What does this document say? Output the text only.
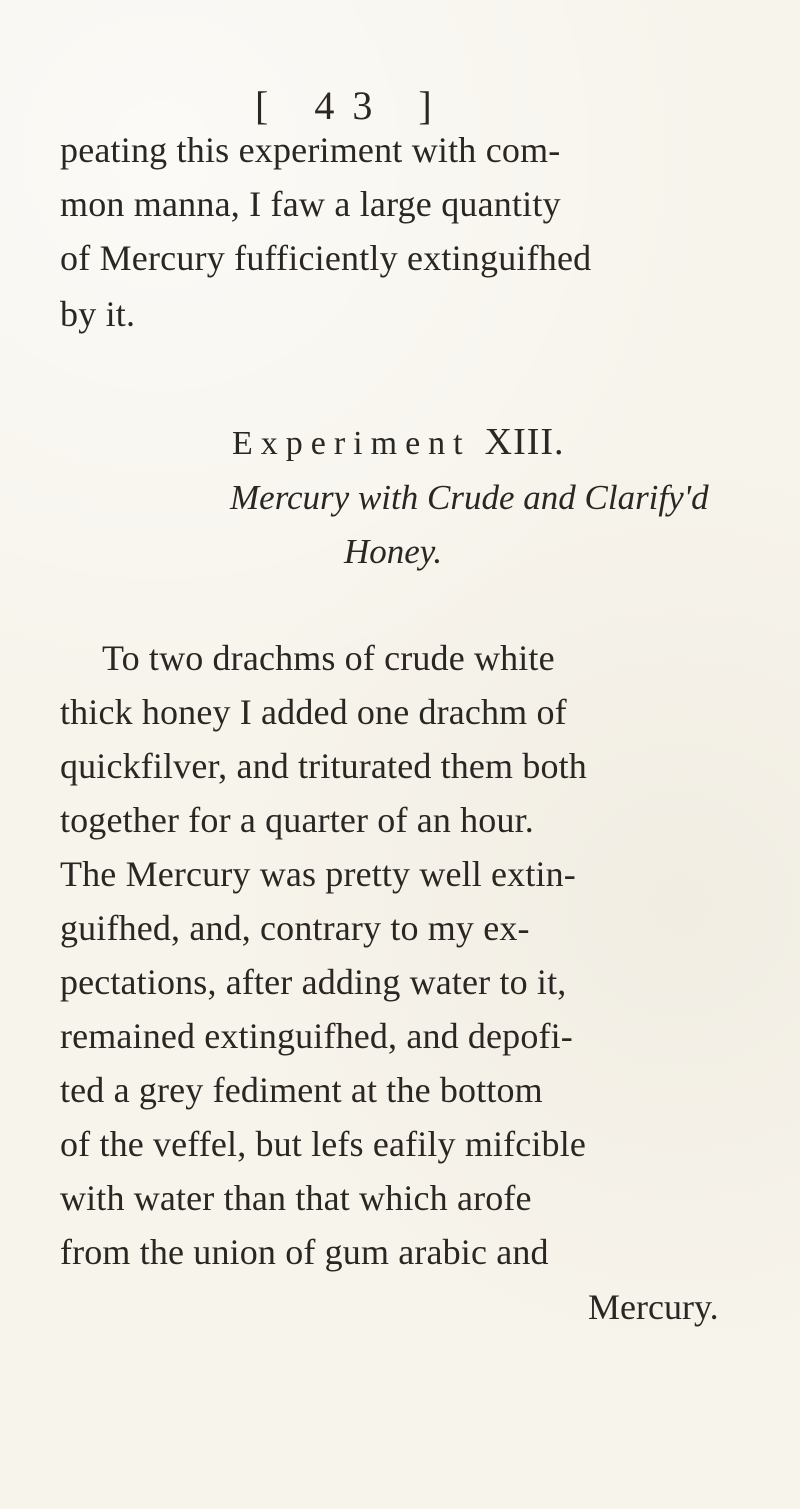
[ 43 ]
peating this experiment with com-
mon manna, I faw a large quantity
of Mercury fufficiently extinguifhed
by it.
Experiment XIII.
Mercury with Crude and Clarify'd
Honey.
To two drachms of crude white
thick honey I added one drachm of
quickfilver, and triturated them both
together for a quarter of an hour.
The Mercury was pretty well extin-
guifhed, and, contrary to my ex-
pectations, after adding water to it,
remained extinguifhed, and depofi-
ted a grey fediment at the bottom
of the veffel, but lefs eafily mifcible
with water than that which arofe
from the union of gum arabic and
Mercury.
